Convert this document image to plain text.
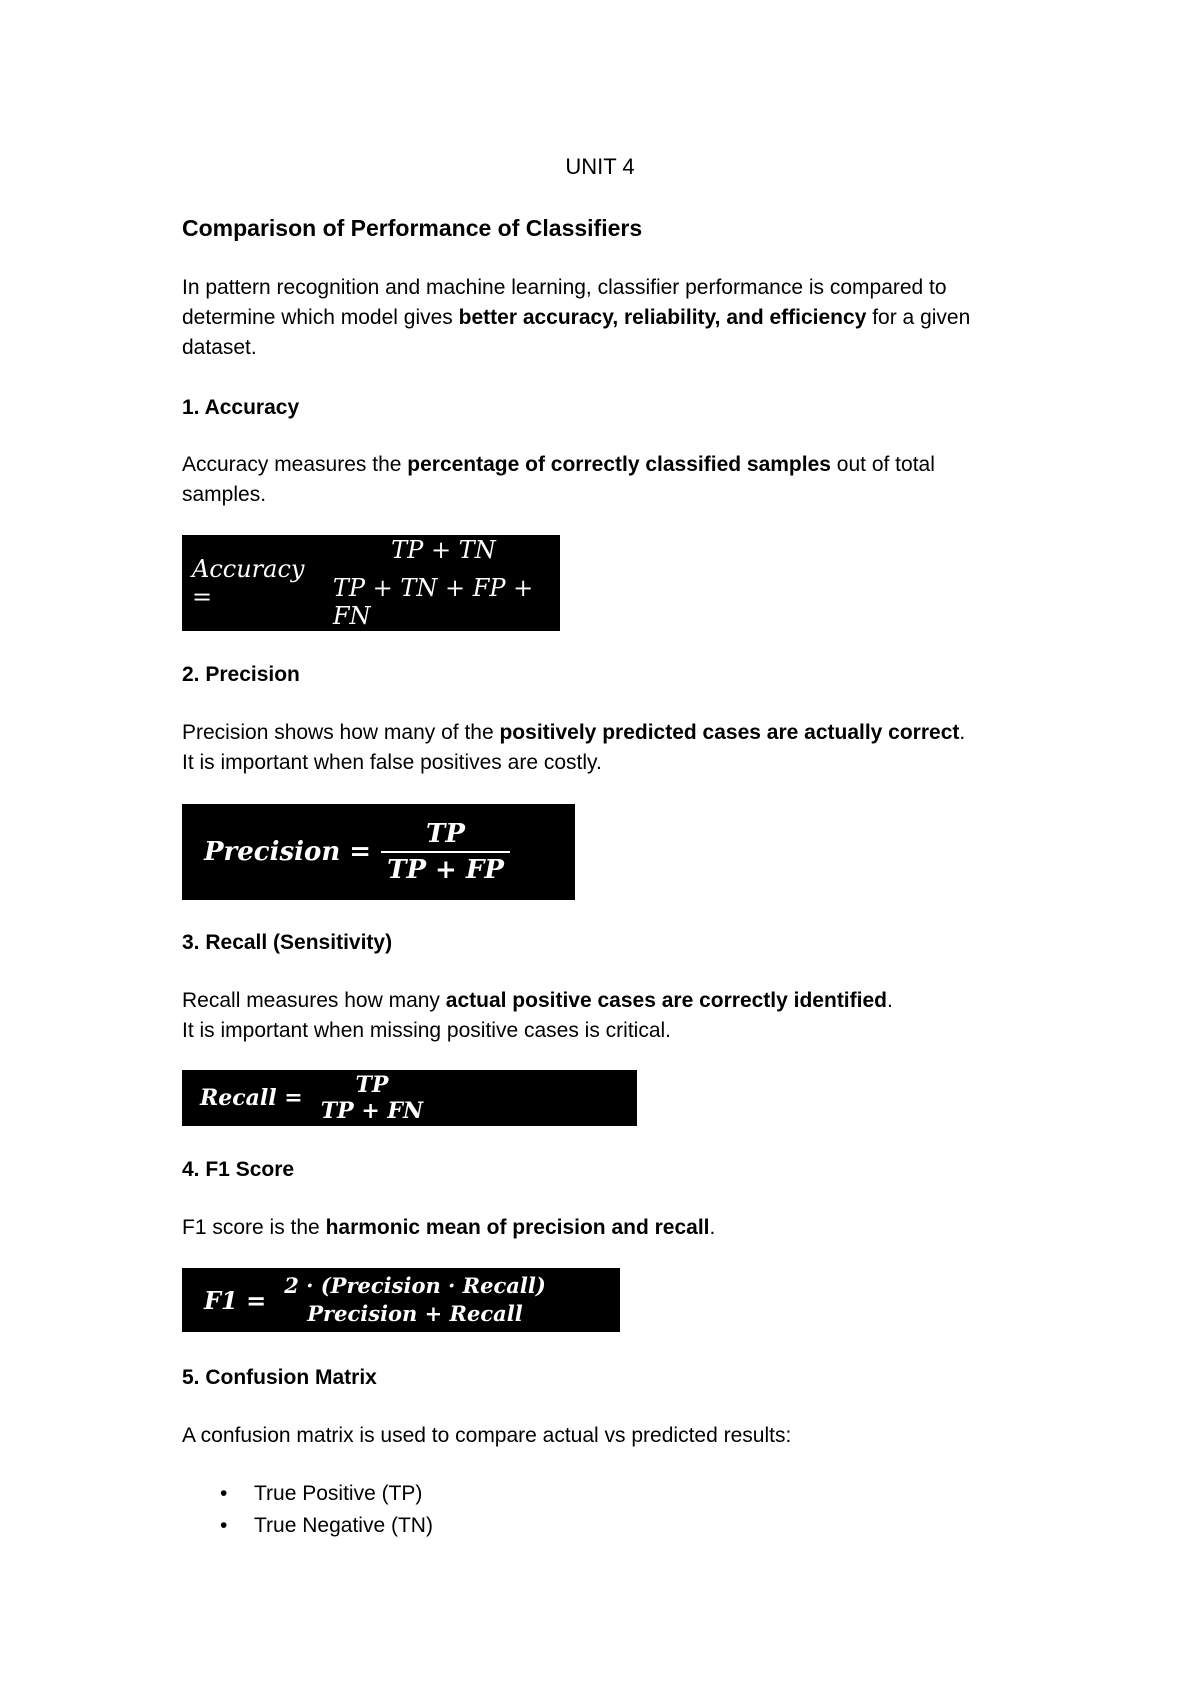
UNIT 4
Comparison of Performance of Classifiers
In pattern recognition and machine learning, classifier performance is compared to
determine which model gives better accuracy, reliability, and efficiency for a given
dataset.
1. Accuracy
Accuracy measures the percentage of correctly classified samples out of total
samples.
Accuracy =
TP + TN
TP + TN + FP + FN
2. Precision
Precision shows how many of the positively predicted cases are actually correct.
It is important when false positives are costly.
Precision = $\frac{TP}{TP + FP}$
3. Recall (Sensitivity)
Recall measures how many actual positive cases are correctly identified.
It is important when missing positive cases is critical.
Recall = TP
TP + FN
4. F1 Score
F1 score is the harmonic mean of precision and recall.
F1 = 2 · (Precision · Recall)
Precision + Recall
5. Confusion Matrix
A confusion matrix is used to compare actual vs predicted results:
• True Positive (TP)
• True Negative (TN)
